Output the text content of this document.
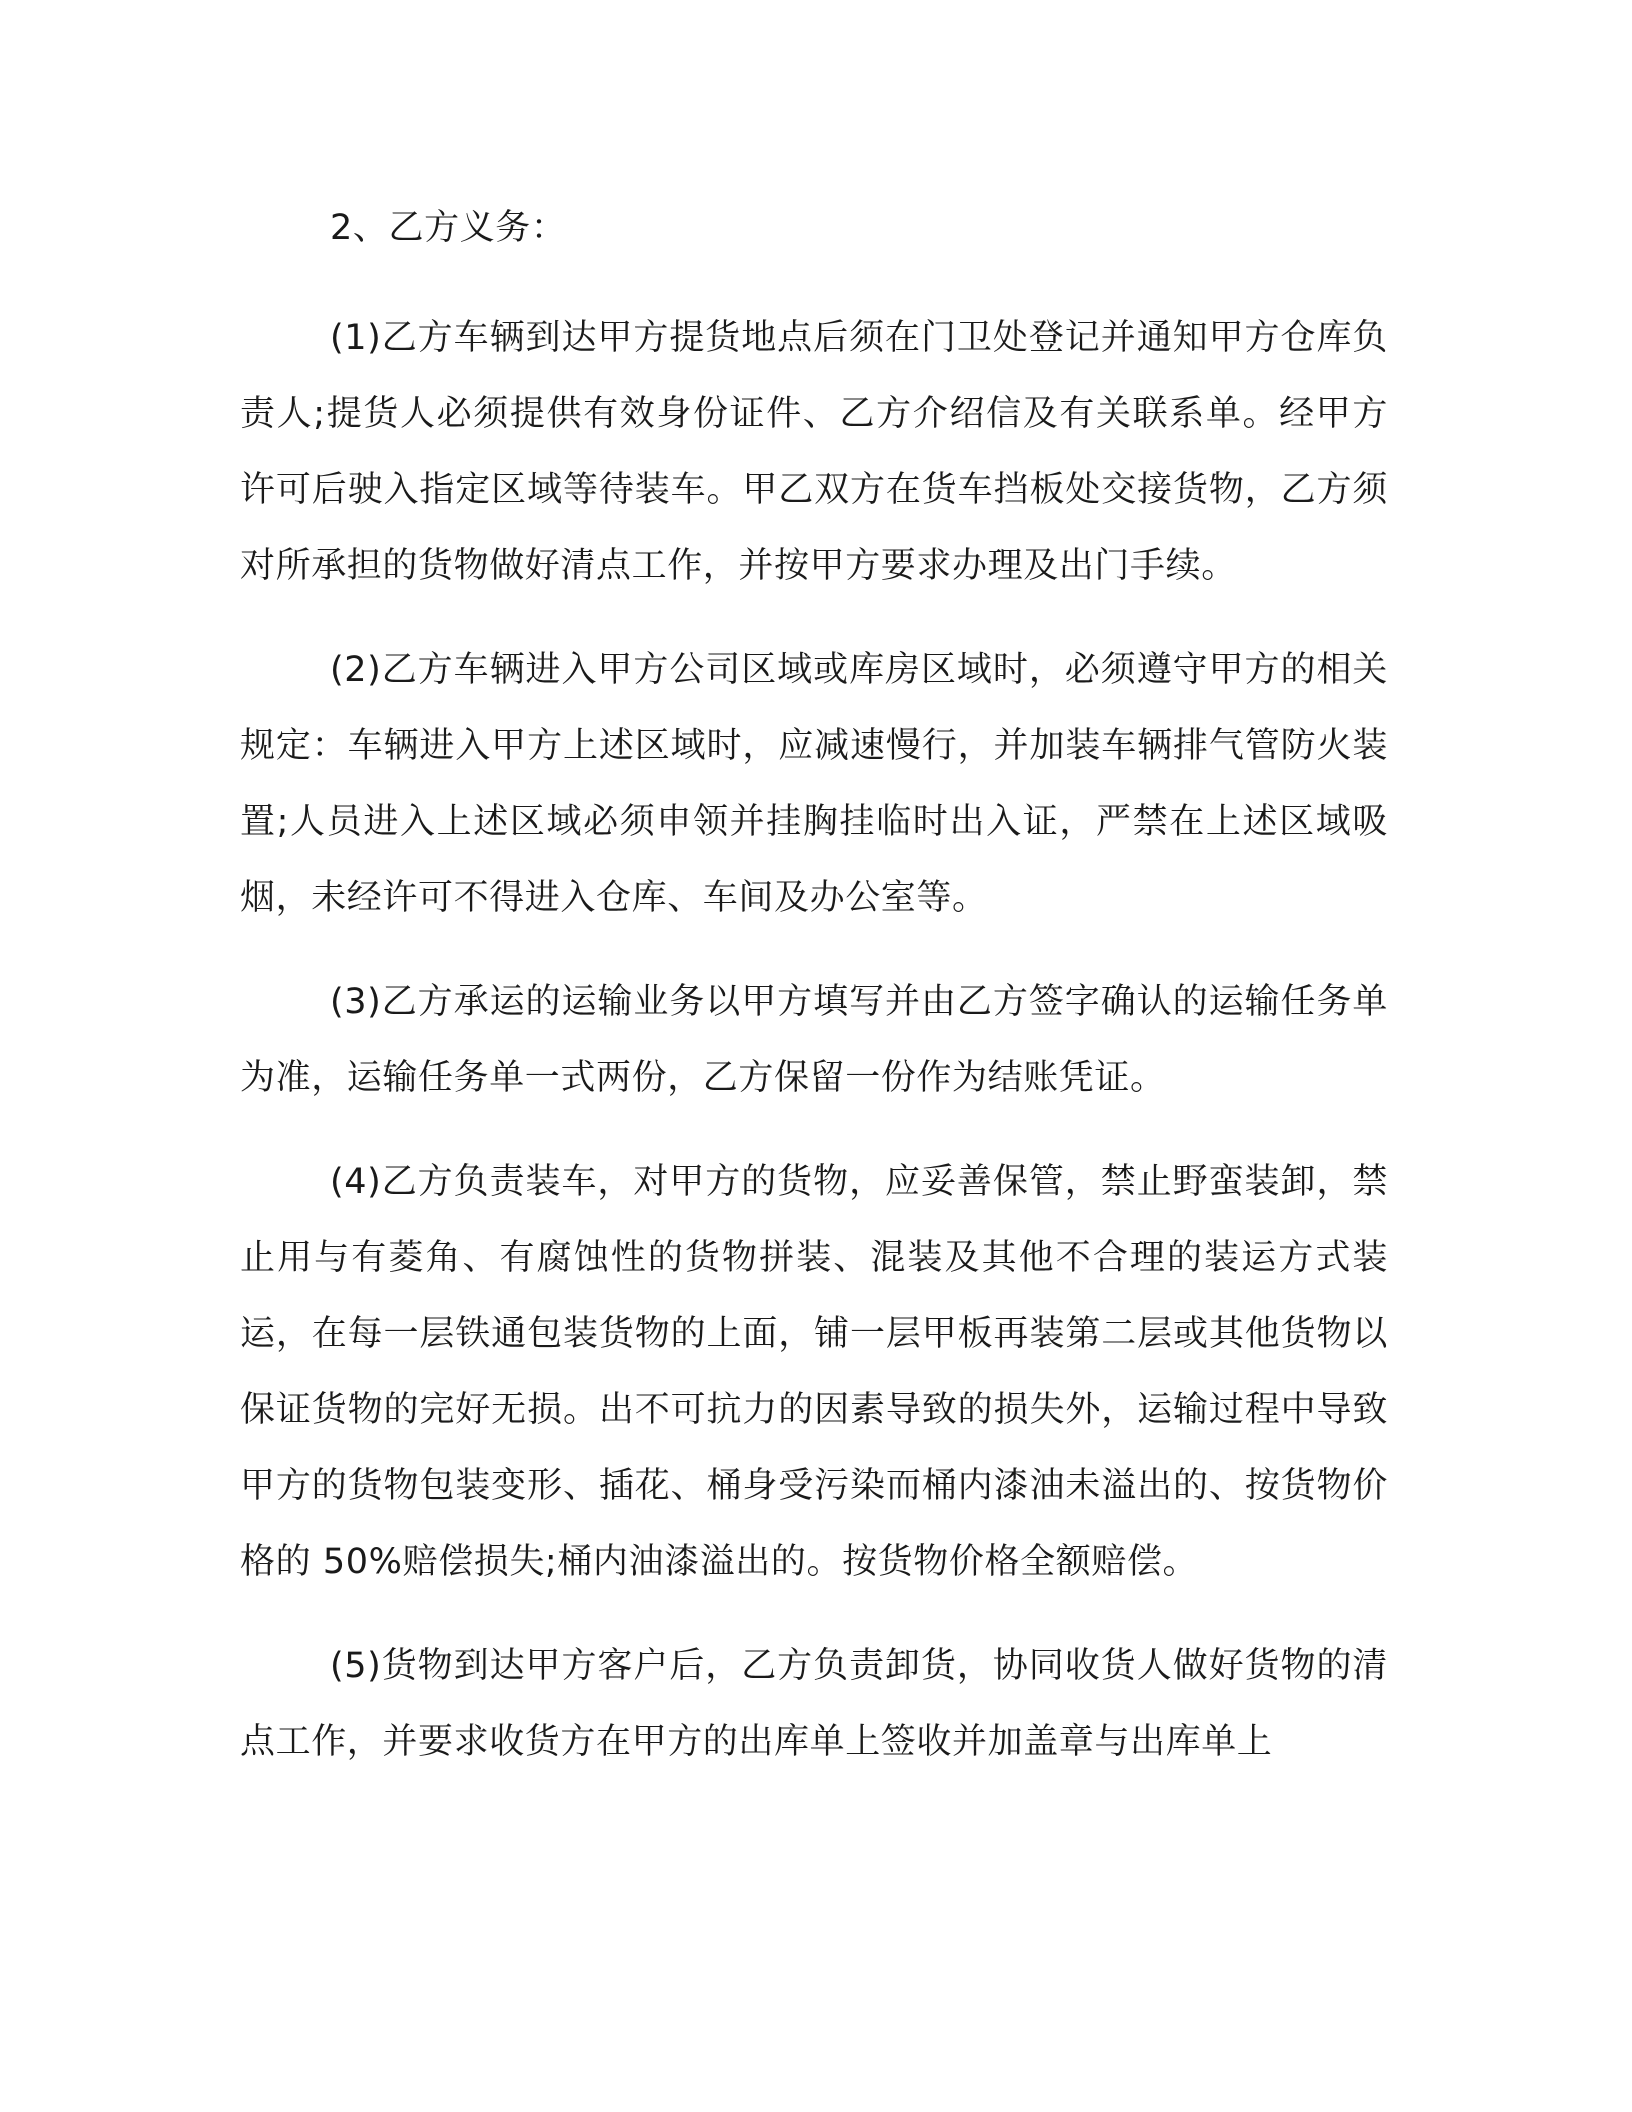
2、乙方义务：

(1)乙方车辆到达甲方提货地点后须在门卫处登记并通知甲方仓库负责人;提货人必须提供有效身份证件、乙方介绍信及有关联系单。经甲方许可后驶入指定区域等待装车。甲乙双方在货车挡板处交接货物，乙方须对所承担的货物做好清点工作，并按甲方要求办理及出门手续。

(2)乙方车辆进入甲方公司区域或库房区域时，必须遵守甲方的相关规定：车辆进入甲方上述区域时，应减速慢行，并加装车辆排气管防火装置;人员进入上述区域必须申领并挂胸挂临时出入证，严禁在上述区域吸烟，未经许可不得进入仓库、车间及办公室等。

(3)乙方承运的运输业务以甲方填写并由乙方签字确认的运输任务单为准，运输任务单一式两份，乙方保留一份作为结账凭证。

(4)乙方负责装车，对甲方的货物，应妥善保管，禁止野蛮装卸，禁止用与有菱角、有腐蚀性的货物拼装、混装及其他不合理的装运方式装运，在每一层铁通包装货物的上面，铺一层甲板再装第二层或其他货物以保证货物的完好无损。出不可抗力的因素导致的损失外，运输过程中导致甲方的货物包装变形、插花、桶身受污染而桶内漆油未溢出的、按货物价格的 50%赔偿损失;桶内油漆溢出的。按货物价格全额赔偿。

(5)货物到达甲方客户后，乙方负责卸货，协同收货人做好货物的清点工作，并要求收货方在甲方的出库单上签收并加盖章与出库单上
